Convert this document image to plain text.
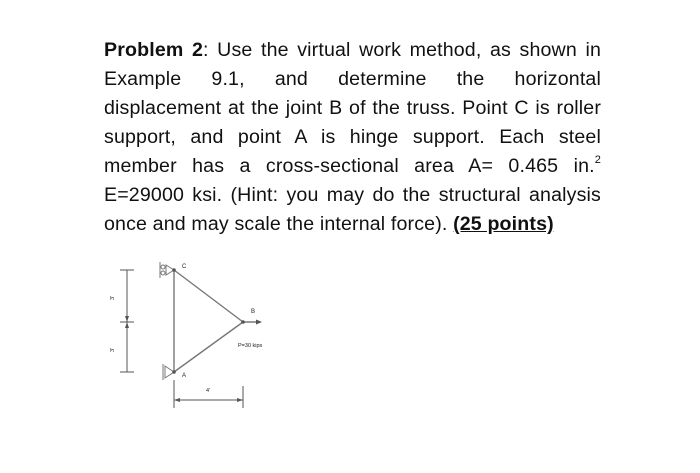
Problem 2: Use the virtual work method, as shown in Example 9.1, and determine the horizontal displacement at the joint B of the truss. Point C is roller support, and point A is hinge support. Each steel member has a cross-sectional area A= 0.465 in.$^2$ E=29000 ksi. (Hint: you may do the structural analysis once and may scale the internal force). (25 points)

C
B
A
P=30 kips
3'
3'
4'
